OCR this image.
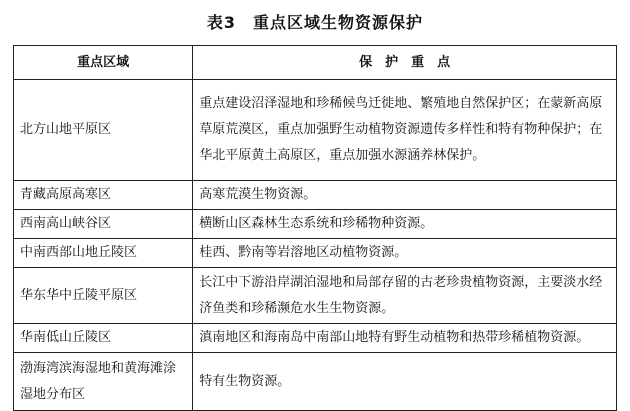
表3　重点区域生物资源保护
重点区域	保　护　重　点
北方山地平原区	重点建设沼泽湿地和珍稀候鸟迁徙地、繁殖地自然保护区；在蒙新高原草原荒漠区，重点加强野生动植物资源遗传多样性和特有物种保护；在华北平原黄土高原区，重点加强水源涵养林保护。
青藏高原高寒区	高寒荒漠生物资源。
西南高山峡谷区	横断山区森林生态系统和珍稀物种资源。
中南西部山地丘陵区	桂西、黔南等岩溶地区动植物资源。
华东华中丘陵平原区	长江中下游沿岸湖泊湿地和局部存留的古老珍贵植物资源，主要淡水经济鱼类和珍稀濒危水生生物资源。
华南低山丘陵区	滇南地区和海南岛中南部山地特有野生动植物和热带珍稀植物资源。
渤海湾滨海湿地和黄海滩涂湿地分布区	特有生物资源。
